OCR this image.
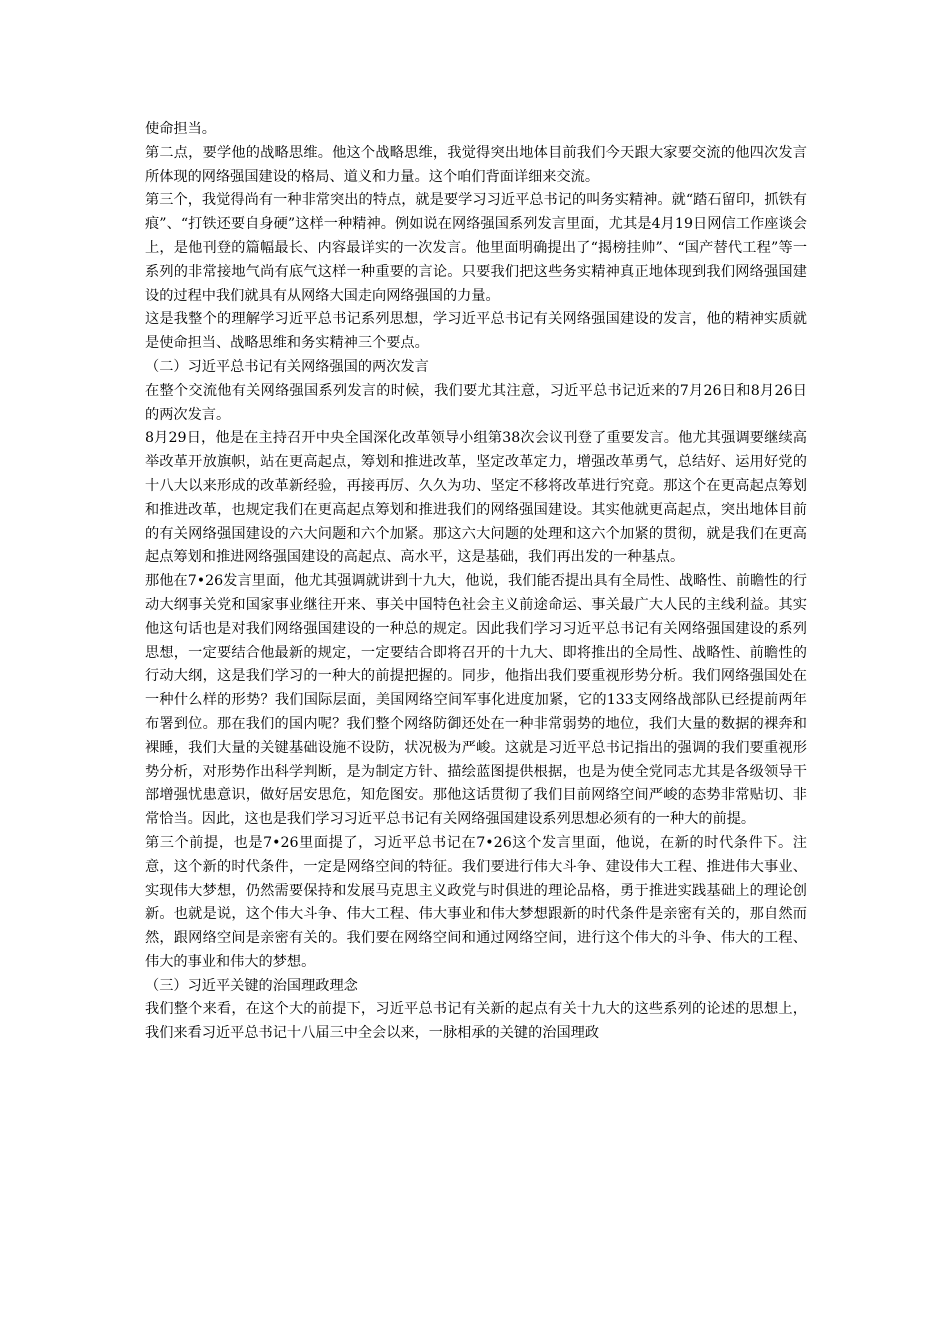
使命担当。

第二点，要学他的战略思维。他这个战略思维，我觉得突出地体目前我们今天跟大家要交流的他四次发言所体现的网络强国建设的格局、道义和力量。这个咱们背面详细来交流。

第三个，我觉得尚有一种非常突出的特点，就是要学习习近平总书记的叫务实精神。就“踏石留印，抓铁有痕”、“打铁还要自身硬”这样一种精神。例如说在网络强国系列发言里面，尤其是4月19日网信工作座谈会上，是他刊登的篇幅最长、内容最详实的一次发言。他里面明确提出了“揭榜挂帅”、“国产替代工程”等一系列的非常接地气尚有底气这样一种重要的言论。只要我们把这些务实精神真正地体现到我们网络强国建设的过程中我们就具有从网络大国走向网络强国的力量。

这是我整个的理解学习近平总书记系列思想，学习近平总书记有关网络强国建设的发言，他的精神实质就是使命担当、战略思维和务实精神三个要点。

（二）习近平总书记有关网络强国的两次发言

在整个交流他有关网络强国系列发言的时候，我们要尤其注意，习近平总书记近来的7月26日和8月26日的两次发言。

8月29日，他是在主持召开中央全国深化改革领导小组第38次会议刊登了重要发言。他尤其强调要继续高举改革开放旗帜，站在更高起点，筹划和推进改革，坚定改革定力，增强改革勇气，总结好、运用好党的十八大以来形成的改革新经验，再接再厉、久久为功、坚定不移将改革进行究竟。那这个在更高起点筹划和推进改革，也规定我们在更高起点筹划和推进我们的网络强国建设。其实他就更高起点，突出地体目前的有关网络强国建设的六大问题和六个加紧。那这六大问题的处理和这六个加紧的贯彻，就是我们在更高起点筹划和推进网络强国建设的高起点、高水平，这是基础，我们再出发的一种基点。

那他在7•26发言里面，他尤其强调就讲到十九大，他说，我们能否提出具有全局性、战略性、前瞻性的行动大纲事关党和国家事业继往开来、事关中国特色社会主义前途命运、事关最广大人民的主线利益。其实他这句话也是对我们网络强国建设的一种总的规定。因此我们学习习近平总书记有关网络强国建设的系列思想，一定要结合他最新的规定，一定要结合即将召开的十九大、即将推出的全局性、战略性、前瞻性的行动大纲，这是我们学习的一种大的前提把握的。同步，他指出我们要重视形势分析。我们网络强国处在一种什么样的形势？我们国际层面，美国网络空间军事化进度加紧，它的133支网络战部队已经提前两年布署到位。那在我们的国内呢？我们整个网络防御还处在一种非常弱势的地位，我们大量的数据的裸奔和裸睡，我们大量的关键基础设施不设防，状况极为严峻。这就是习近平总书记指出的强调的我们要重视形势分析，对形势作出科学判断，是为制定方针、描绘蓝图提供根据，也是为使全党同志尤其是各级领导干部增强忧患意识，做好居安思危，知危图安。那他这话贯彻了我们目前网络空间严峻的态势非常贴切、非常恰当。因此，这也是我们学习习近平总书记有关网络强国建设系列思想必须有的一种大的前提。

第三个前提，也是7•26里面提了，习近平总书记在7•26这个发言里面，他说，在新的时代条件下。注意，这个新的时代条件，一定是网络空间的特征。我们要进行伟大斗争、建设伟大工程、推进伟大事业、实现伟大梦想，仍然需要保持和发展马克思主义政党与时俱进的理论品格，勇于推进实践基础上的理论创新。也就是说，这个伟大斗争、伟大工程、伟大事业和伟大梦想跟新的时代条件是亲密有关的，那自然而然，跟网络空间是亲密有关的。我们要在网络空间和通过网络空间，进行这个伟大的斗争、伟大的工程、伟大的事业和伟大的梦想。

（三）习近平关键的治国理政理念

我们整个来看，在这个大的前提下，习近平总书记有关新的起点有关十九大的这些系列的论述的思想上，我们来看习近平总书记十八届三中全会以来，一脉相承的关键的治国理政
